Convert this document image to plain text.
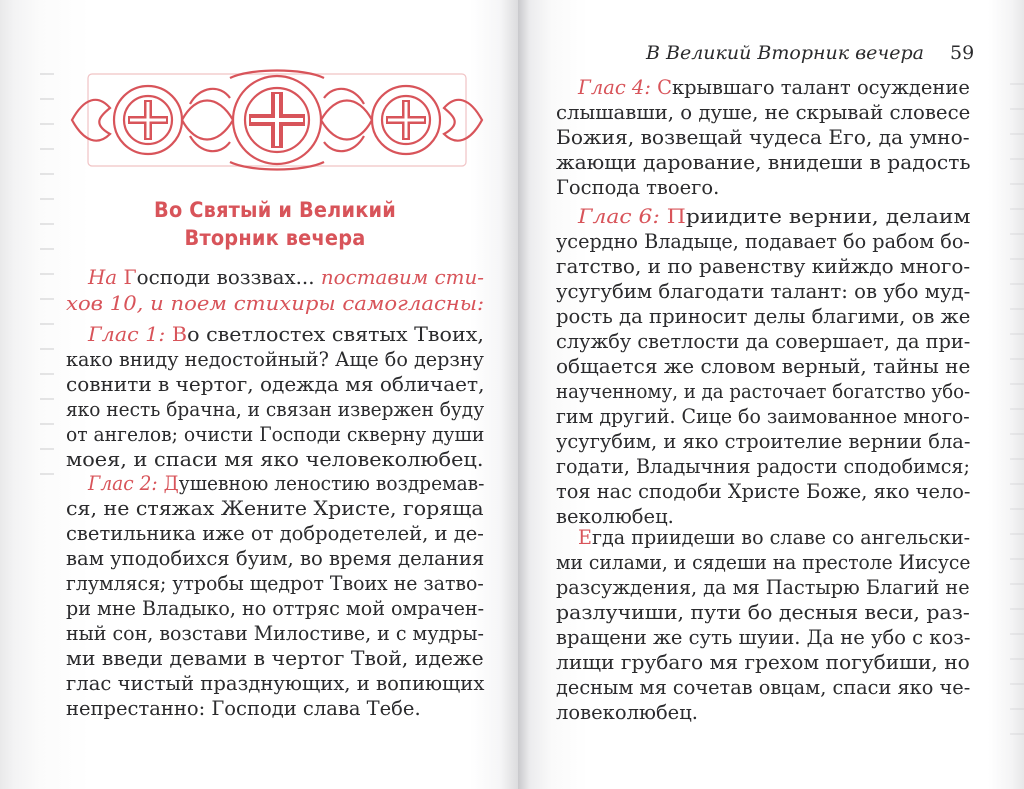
Во Святый и Великий
Вторник вечера
На Господи воззвах... поставим сти-
хов 10, и поем стихиры самогласны:
Глас 1: Во светлостех святых Твоих,
како вниду недостойный? Аще бо дерзну
совнити в чертог, одежда мя обличает,
яко несть брачна, и связан извержен буду
от ангелов; очисти Господи скверну души
моея, и спаси мя яко человеколюбец.
Глас 2: Душевною леностию воздремав-
ся, не стяжах Жените Христе, горяща
светильника иже от добродетелей, и де-
вам уподобихся буим, во время делания
глумляся; утробы щедрот Твоих не затво-
ри мне Владыко, но оттряс мой омрачен-
ный сон, возстави Милостиве, и с мудры-
ми введи девами в чертог Твой, идеже
глас чистый празднующих, и вопиющих
непрестанно: Господи слава Тебе.
В Великий Вторник вечера 59
Глас 4: Скрывшаго талант осуждение
слышавши, о душе, не скрывай словесе
Божия, возвещай чудеса Его, да умно-
жающи дарование, внидеши в радость
Господа твоего.
Глас 6: Приидите вернии, делаим
усердно Владыце, подавает бо рабом бо-
гатство, и по равенству кийждо много-
усугубим благодати талант: ов убо муд-
рость да приносит делы благими, ов же
службу светлости да совершает, да при-
общается же словом верный, тайны не
наученному, и да расточает богатство убо-
гим другий. Сице бо заимованное много-
усугубим, и яко строителие вернии бла-
годати, Владычния радости сподобимся;
тоя нас сподоби Христе Боже, яко чело-
веколюбец.
Егда приидеши во славе со ангельски-
ми силами, и сядеши на престоле Иисусе
разсуждения, да мя Пастырю Благий не
разлучиши, пути бо десныя веси, раз-
вращени же суть шуии. Да не убо с коз-
лищи грубаго мя грехом погубиши, но
десным мя сочетав овцам, спаси яко че-
ловеколюбец.
